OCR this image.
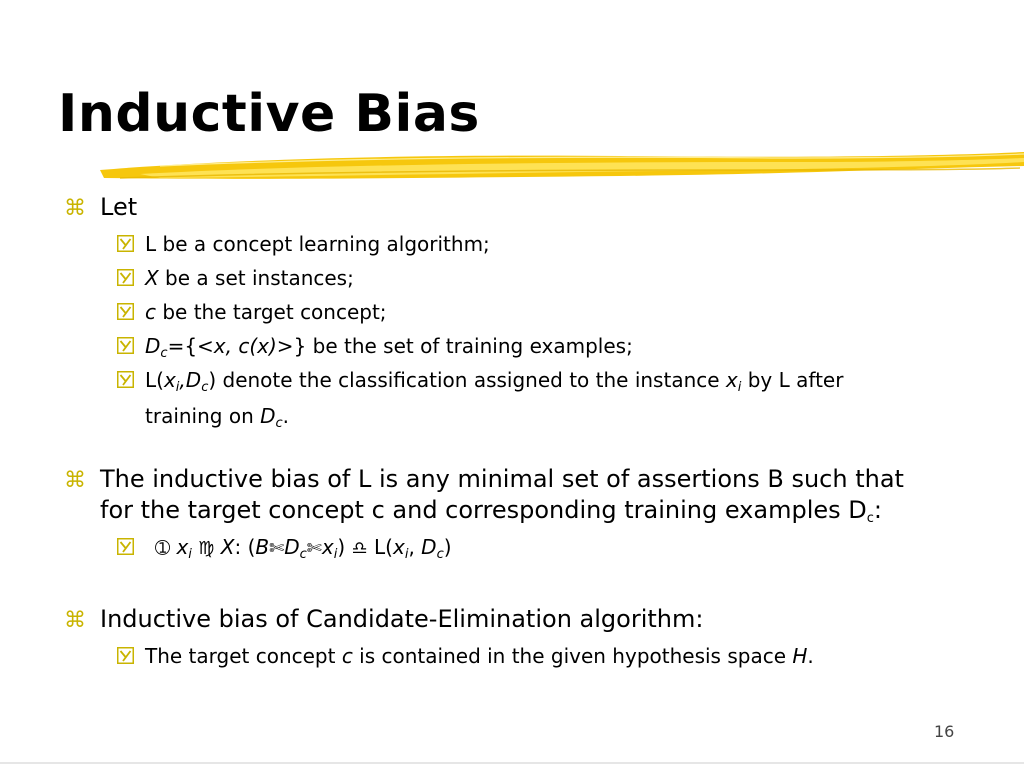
Inductive Bias
⌘ Let
L be a concept learning algorithm;
X be a set instances;
c be the target concept;
$D_c=\{<x$, c(x)>} be the set of training examples;
$L(x_i,D_c)$ denote the classification assigned to the instance $x_i$ by L after
training on $D_c$.
⌘ The inductive bias of L is any minimal set of assertions B such that
for the target concept c and corresponding training examples $D_c$:
➀ $x_i$ ♍ X: $(B✄D_c✄x_i)$ ♎ $L(x_i$, $D_c$)
⌘ Inductive bias of Candidate-Elimination algorithm:
The target concept c is contained in the given hypothesis space H.
16
